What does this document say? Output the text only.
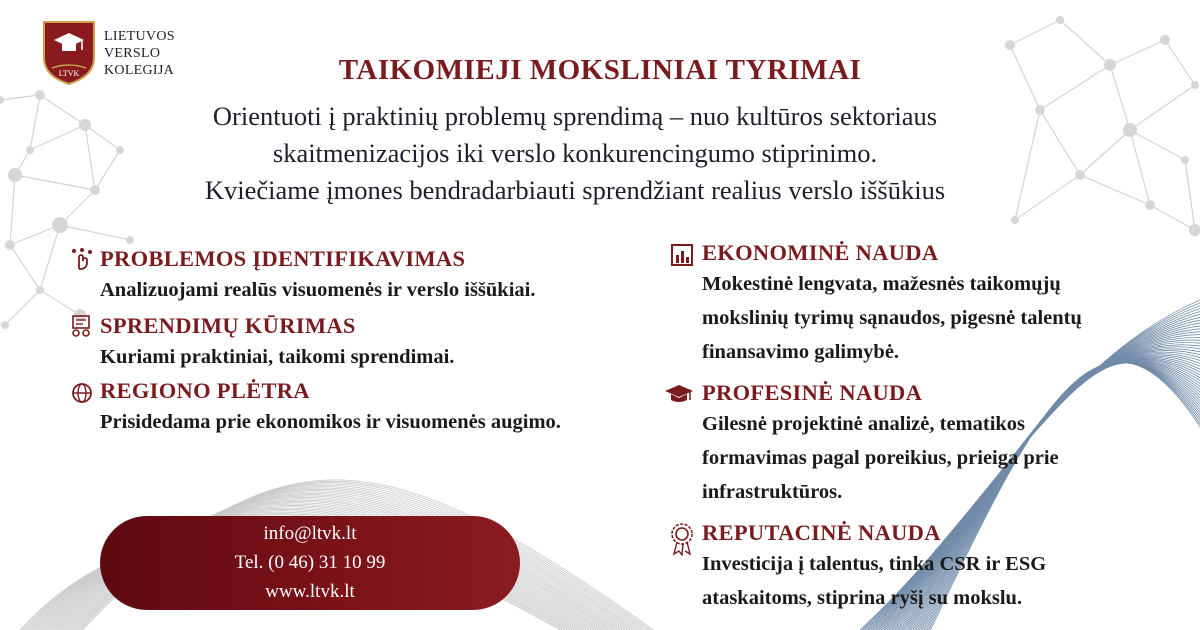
LTVK
LIETUVOS
VERSLO
KOLEGIJA	TAIKOMIEJI MOKSLINIAI TYRIMAI
Orientuoti į praktinių problemų sprendimą – nuo kultūros sektoriaus
skaitmenizacijos iki verslo konkurencingumo stiprinimo.
Kviečiame įmones bendradarbiauti sprendžiant realius verslo iššūkius
PROBLEMOS ĮDENTIFIKAVIMAS
Analizuojami realūs visuomenės ir verslo iššūkiai.
SPRENDIMŲ KŪRIMAS
Kuriami praktiniai, taikomi sprendimai.
REGIONO PLĖTRA
Prisidedama prie ekonomikos ir visuomenės augimo.
EKONOMINĖ NAUDA
Mokestinė lengvata, mažesnės taikomųjų
mokslinių tyrimų sąnaudos, pigesnė talentų
finansavimo galimybė.
PROFESINĖ NAUDA
Gilesnė projektinė analizė, tematikos
formavimas pagal poreikius, prieiga prie
infrastruktūros.
REPUTACINĖ NAUDA
Investicija į talentus, tinka CSR ir ESG
ataskaitoms, stiprina ryšį su mokslu.
info@ltvk.lt
Tel. (0 46) 31 10 99
www.ltvk.lt
